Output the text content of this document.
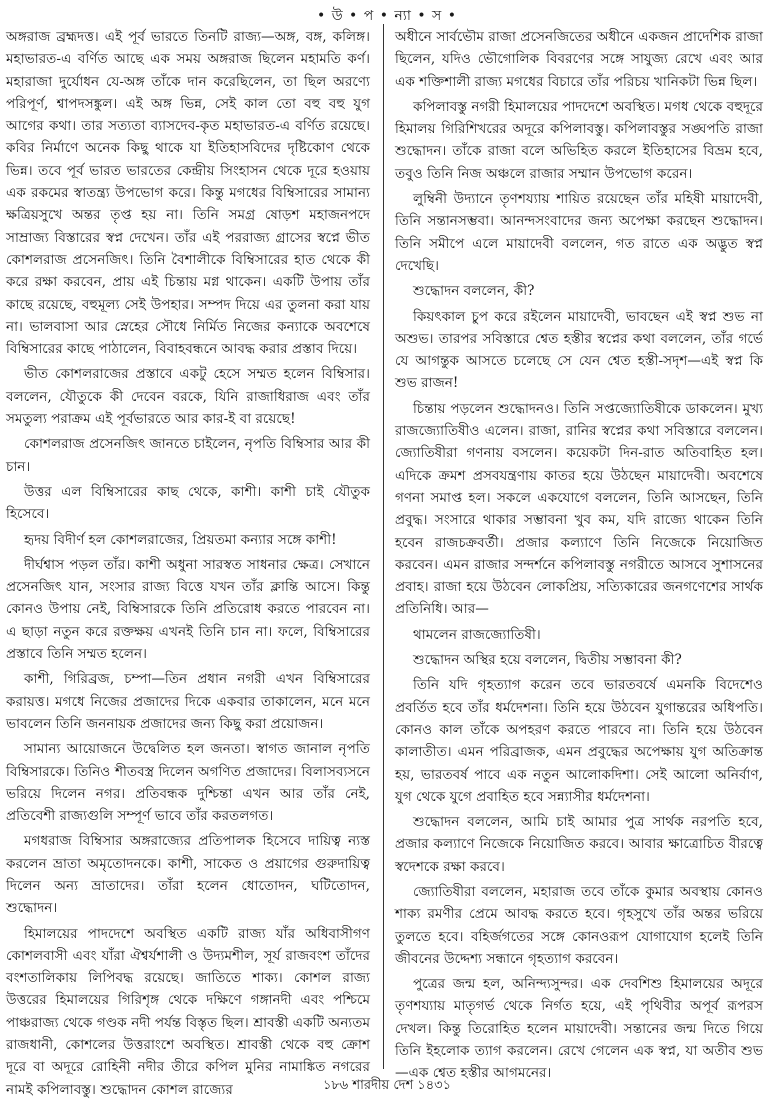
• উ • প • ন্যা • স •

অঙ্গরাজ ব্রহ্মদত্ত। এই পূর্ব ভারতে তিনটি রাজ্য—অঙ্গ, বঙ্গ, কলিঙ্গ। মহাভারত-এ বর্ণিত আছে এক সময় অঙ্গরাজ ছিলেন মহামতি কর্ণ। মহারাজা দুর্যোধন যে-অঙ্গ তাঁকে দান করেছিলেন, তা ছিল অরণ্যে পরিপূর্ণ, শ্বাপদসঙ্কুল। এই অঙ্গ ভিন্ন, সেই কাল তো বহু বহু যুগ আগের কথা। তার সত্যতা ব্যাসদেব-কৃত মহাভারত-এ বর্ণিত রয়েছে। কবির নির্মাণে অনেক কিছু থাকে যা ইতিহাসবিদের দৃষ্টিকোণ থেকে ভিন্ন। তবে পূর্ব ভারত ভারতের কেন্দ্রীয় সিংহাসন থেকে দূরে হওয়ায় এক রকমের স্বাতন্ত্র্য উপভোগ করে। কিন্তু মগধের বিম্বিসারের সামান্য ক্ষত্রিয়সুখে অন্তর তৃপ্ত হয় না। তিনি সমগ্র ষোড়শ মহাজনপদে সাম্রাজ্য বিস্তারের স্বপ্ন দেখেন। তাঁর এই পররাজ্য গ্রাসের স্বপ্নে ভীত কোশলরাজ প্রসেনজিৎ। তিনি বৈশালীকে বিম্বিসারের হাত থেকে কী করে রক্ষা করবেন, প্রায় এই চিন্তায় মগ্ন থাকেন। একটি উপায় তাঁর কাছে রয়েছে, বহুমূল্য সেই উপহার। সম্পদ দিয়ে এর তুলনা করা যায় না। ভালবাসা আর স্নেহের সৌধে নির্মিত নিজের কন্যাকে অবশেষে বিম্বিসারের কাছে পাঠালেন, বিবাহবন্ধনে আবদ্ধ করার প্রস্তাব দিয়ে।

ভীত কোশলরাজের প্রস্তাবে একটু হেসে সম্মত হলেন বিম্বিসার। বললেন, যৌতুকে কী দেবেন বরকে, যিনি রাজাধিরাজ এবং তাঁর সমতুল্য পরাক্রম এই পূর্বভারতে আর কার-ই বা রয়েছে!

কোশলরাজ প্রসেনজিৎ জানতে চাইলেন, নৃপতি বিম্বিসার আর কী চান।

উত্তর এল বিম্বিসারের কাছ থেকে, কাশী। কাশী চাই যৌতুক হিসেবে।

হৃদয় বিদীর্ণ হল কোশলরাজের, প্রিয়তমা কন্যার সঙ্গে কাশী!

দীর্ঘশ্বাস পড়ল তাঁর। কাশী অধুনা সারস্বত সাধনার ক্ষেত্র। সেখানে প্রসেনজিৎ যান, সংসার রাজ্য বিত্তে যখন তাঁর ক্লান্তি আসে। কিন্তু কোনও উপায় নেই, বিম্বিসারকে তিনি প্রতিরোধ করতে পারবেন না। এ ছাড়া নতুন করে রক্তক্ষয় এখনই তিনি চান না। ফলে, বিম্বিসারের প্রস্তাবে তিনি সম্মত হলেন।

কাশী, গিরিব্রজ, চম্পা—তিন প্রধান নগরী এখন বিম্বিসারের করায়ত্ত। মগধে নিজের প্রজাদের দিকে একবার তাকালেন, মনে মনে ভাবলেন তিনি জননায়ক প্রজাদের জন্য কিছু করা প্রয়োজন।

সামান্য আয়োজনে উদ্বেলিত হল জনতা। স্বাগত জানাল নৃপতি বিম্বিসারকে। তিনিও শীতবস্ত্র দিলেন অগণিত প্রজাদের। বিলাসব্যসনে ভরিয়ে দিলেন নগর। প্রতিবন্ধক দুশ্চিন্তা এখন আর তাঁর নেই, প্রতিবেশী রাজ্যগুলি সম্পূর্ণ ভাবে তাঁর করতলগত।

মগধরাজ বিম্বিসার অঙ্গরাজ্যের প্রতিপালক হিসেবে দায়িত্ব ন্যস্ত করলেন ভ্রাতা অমৃতোদনকে। কাশী, সাকেত ও প্রয়াগের গুরুদায়িত্ব দিলেন অন্য ভ্রাতাদের। তাঁরা হলেন ধোতোদন, ঘটিতোদন, শুদ্ধোদন।

হিমালয়ের পাদদেশে অবস্থিত একটি রাজ্য যাঁর অধিবাসীগণ কোশলবাসী এবং যাঁরা ঐশ্বর্যশালী ও উদ্যমশীল, সূর্য রাজবংশ তাঁদের বংশতালিকায় লিপিবদ্ধ রয়েছে। জাতিতে শাক্য। কোশল রাজ্য উত্তরের হিমালয়ের গিরিশৃঙ্গ থেকে দক্ষিণে গঙ্গানদী এবং পশ্চিমে পাঞ্চরাজ্য থেকে গণ্ডক নদী পর্যন্ত বিস্তৃত ছিল। শ্রাবস্তী একটি অন্যতম রাজধানী, কোশলের উত্তরাংশে অবস্থিত। শ্রাবস্তী থেকে বহু ক্রোশ দূরে বা অদূরে রোহিনী নদীর তীরে কপিল মুনির নামাঙ্কিত নগরের নামই কপিলাবস্তু। শুদ্ধোদন কোশল রাজ্যের

অধীনে সার্বভৌম রাজা প্রসেনজিতের অধীনে একজন প্রাদেশিক রাজা ছিলেন, যদিও ভৌগোলিক বিবরণের সঙ্গে সাযুজ্য রেখে এবং আর এক শক্তিশালী রাজ্য মগধের বিচারে তাঁর পরিচয় খানিকটা ভিন্ন ছিল।

কপিলাবস্তু নগরী হিমালয়ের পাদদেশে অবস্থিত। মগধ থেকে বহুদূরে হিমালয় গিরিশিখরের অদূরে কপিলাবস্তু। কপিলাবস্তুর সঙ্ঘপতি রাজা শুদ্ধোদন। তাঁকে রাজা বলে অভিহিত করলে ইতিহাসের বিভ্রম হবে, তবুও তিনি নিজ অঞ্চলে রাজার সম্মান উপভোগ করেন।

লুম্বিনী উদ্যানে তৃণশয্যায় শায়িত রয়েছেন তাঁর মহিষী মায়াদেবী, তিনি সন্তানসম্ভবা। আনন্দসংবাদের জন্য অপেক্ষা করছেন শুদ্ধোদন। তিনি সমীপে এলে মায়াদেবী বললেন, গত রাতে এক অদ্ভুত স্বপ্ন দেখেছি।

শুদ্ধোদন বললেন, কী?

কিয়ৎকাল চুপ করে রইলেন মায়াদেবী, ভাবছেন এই স্বপ্ন শুভ না অশুভ। তারপর সবিস্তারে শ্বেত হস্তীর স্বপ্নের কথা বললেন, তাঁর গর্ভে যে আগন্তুক আসতে চলেছে সে যেন শ্বেত হস্তী-সদৃশ—এই স্বপ্ন কি শুভ রাজন!

চিন্তায় পড়লেন শুদ্ধোদনও। তিনি সপ্তজ্যোতিষীকে ডাকলেন। মুখ্য রাজজ্যোতিষীও এলেন। রাজা, রানির স্বপ্নের কথা সবিস্তারে বললেন। জ্যোতিষীরা গণনায় বসলেন। কয়েকটা দিন-রাত অতিবাহিত হল। এদিকে ক্রমশ প্রসবযন্ত্রণায় কাতর হয়ে উঠছেন মায়াদেবী। অবশেষে গণনা সমাপ্ত হল। সকলে একযোগে বললেন, তিনি আসছেন, তিনি প্রবুদ্ধ। সংসারে থাকার সম্ভাবনা খুব কম, যদি রাজ্যে থাকেন তিনি হবেন রাজচক্রবর্তী। প্রজার কল্যাণে তিনি নিজেকে নিয়োজিত করবেন। এমন রাজার সন্দর্শনে কপিলাবস্তু নগরীতে আসবে সুশাসনের প্রবাহ। রাজা হয়ে উঠবেন লোকপ্রিয়, সত্যিকারের জনগণেশের সার্থক প্রতিনিধি। আর—

থামলেন রাজজ্যোতিষী।

শুদ্ধোদন অস্থির হয়ে বললেন, দ্বিতীয় সম্ভাবনা কী?

তিনি যদি গৃহত্যাগ করেন তবে ভারতবর্ষে এমনকি বিদেশেও প্রবর্তিত হবে তাঁর ধর্মদেশনা। তিনি হয়ে উঠবেন যুগান্তরের অধিপতি। কোনও কাল তাঁকে অপহরণ করতে পারবে না। তিনি হয়ে উঠবেন কালাতীত। এমন পরিব্রাজক, এমন প্রবুদ্ধের অপেক্ষায় যুগ অতিক্রান্ত হয়, ভারতবর্ষ পাবে এক নতুন আলোকদিশা। সেই আলো অনির্বাণ, যুগ থেকে যুগে প্রবাহিত হবে সন্ন্যাসীর ধর্মদেশনা।

শুদ্ধোদন বললেন, আমি চাই আমার পুত্র সার্থক নরপতি হবে, প্রজার কল্যাণে নিজেকে নিয়োজিত করবে। আবার ক্ষাত্রোচিত বীরত্বে স্বদেশকে রক্ষা করবে।

জ্যোতিষীরা বললেন, মহারাজ তবে তাঁকে কুমার অবস্থায় কোনও শাক্য রমণীর প্রেমে আবদ্ধ করতে হবে। গৃহসুখে তাঁর অন্তর ভরিয়ে তুলতে হবে। বহির্জগতের সঙ্গে কোনওরূপ যোগাযোগ হলেই তিনি জীবনের উদ্দেশ্য সন্ধানে গৃহত্যাগ করবেন।

পুত্রের জন্ম হল, অনিন্দ্যসুন্দর। এক দেবশিশু হিমালয়ের অদূরে তৃণশয্যায় মাতৃগর্ভ থেকে নির্গত হয়ে, এই পৃথিবীর অপূর্ব রূপরস দেখল। কিন্তু তিরোহিত হলেন মায়াদেবী। সন্তানের জন্ম দিতে গিয়ে তিনি ইহলোক ত্যাগ করলেন। রেখে গেলেন এক স্বপ্ন, যা অতীব শুভ—এক শ্বেত হস্তীর আগমনের।

১৮৬ শারদীয় দেশ ১৪৩১
